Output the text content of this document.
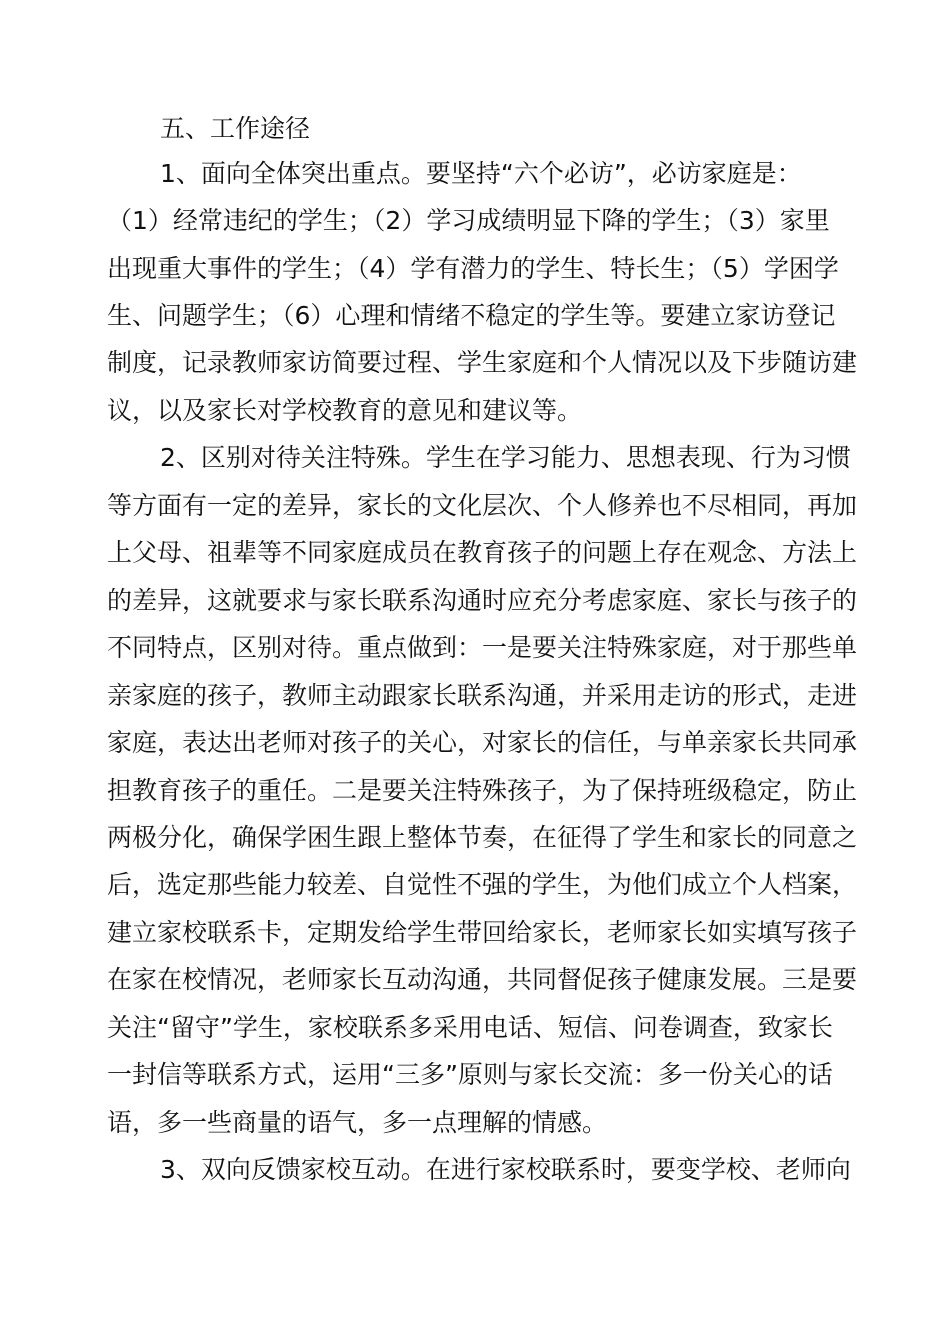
五、工作途径
1、面向全体突出重点。要坚持“六个必访”，必访家庭是：
（1）经常违纪的学生；（2）学习成绩明显下降的学生；（3）家里
出现重大事件的学生；（4）学有潜力的学生、特长生；（5）学困学
生、问题学生；（6）心理和情绪不稳定的学生等。要建立家访登记
制度，记录教师家访简要过程、学生家庭和个人情况以及下步随访建
议，以及家长对学校教育的意见和建议等。
2、区别对待关注特殊。学生在学习能力、思想表现、行为习惯
等方面有一定的差异，家长的文化层次、个人修养也不尽相同，再加
上父母、祖辈等不同家庭成员在教育孩子的问题上存在观念、方法上
的差异，这就要求与家长联系沟通时应充分考虑家庭、家长与孩子的
不同特点，区别对待。重点做到：一是要关注特殊家庭，对于那些单
亲家庭的孩子，教师主动跟家长联系沟通，并采用走访的形式，走进
家庭，表达出老师对孩子的关心，对家长的信任，与单亲家长共同承
担教育孩子的重任。二是要关注特殊孩子，为了保持班级稳定，防止
两极分化，确保学困生跟上整体节奏，在征得了学生和家长的同意之
后，选定那些能力较差、自觉性不强的学生，为他们成立个人档案，
建立家校联系卡，定期发给学生带回给家长，老师家长如实填写孩子
在家在校情况，老师家长互动沟通，共同督促孩子健康发展。三是要
关注“留守”学生，家校联系多采用电话、短信、问卷调查，致家长
一封信等联系方式，运用“三多”原则与家长交流：多一份关心的话
语，多一些商量的语气，多一点理解的情感。
3、双向反馈家校互动。在进行家校联系时，要变学校、老师向
